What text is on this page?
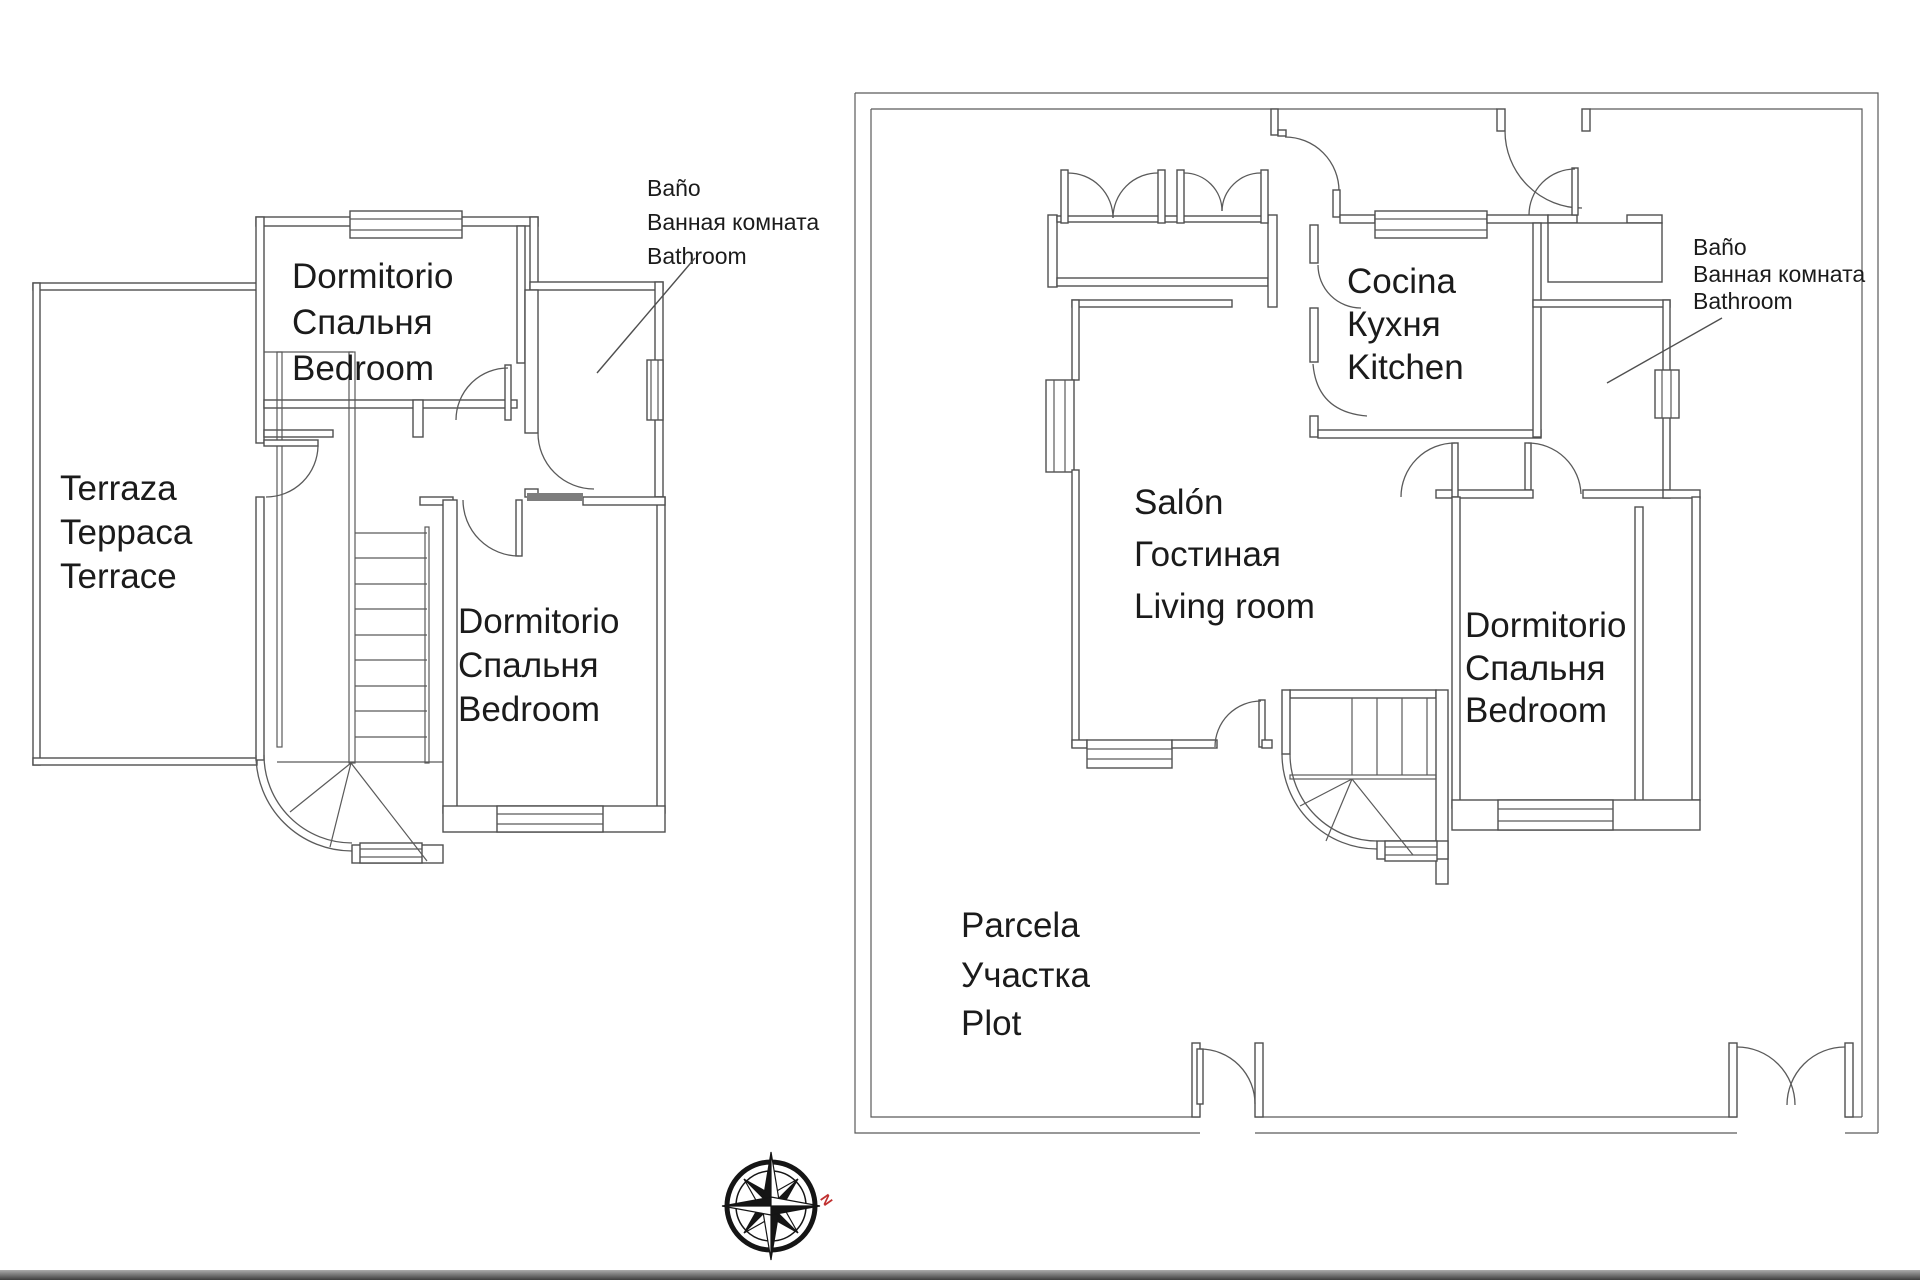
Dormitorio
Спальня
Bedroom
Terraza
Teppaca
Terrace
Dormitorio
Спальня
Bedroom
Baño
Ванная комната
Bathroom
Cocina
Кухня
Kitchen
Salón
Гостиная
Living room	Dormitorio
Спальня
Bedroom
Baño
Ванная комната
Bathroom
Parcela
Участка
Plot
N
